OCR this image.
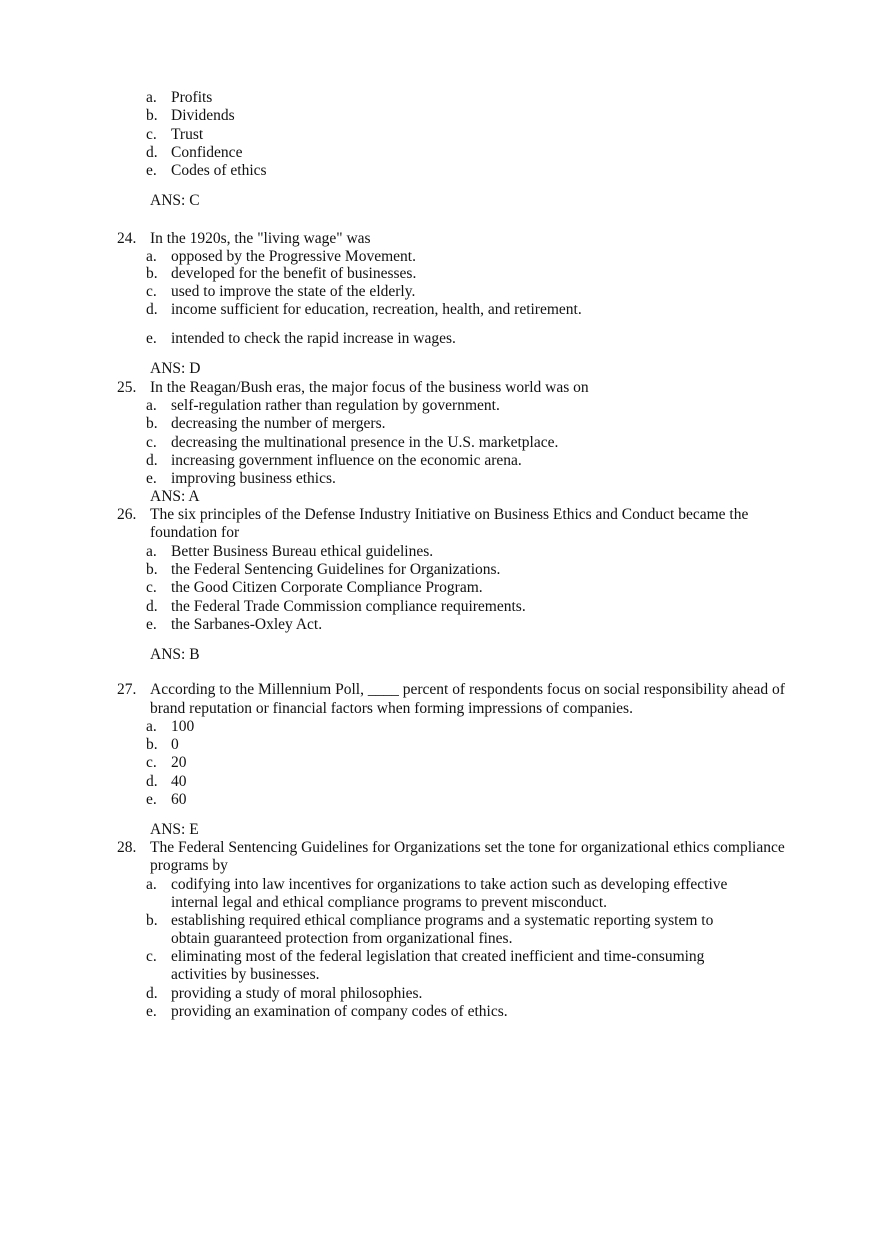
a. Profits
b. Dividends
c. Trust
d. Confidence
e. Codes of ethics
ANS: C
24. In the 1920s, the "living wage" was
a. opposed by the Progressive Movement.
b. developed for the benefit of businesses.
c. used to improve the state of the elderly.
d. income sufficient for education, recreation, health, and retirement.
e. intended to check the rapid increase in wages.
ANS: D
25. In the Reagan/Bush eras, the major focus of the business world was on
a. self-regulation rather than regulation by government.
b. decreasing the number of mergers.
c. decreasing the multinational presence in the U.S. marketplace.
d. increasing government influence on the economic arena.
e. improving business ethics.
ANS: A
26. The six principles of the Defense Industry Initiative on Business Ethics and Conduct became the
foundation for
a. Better Business Bureau ethical guidelines.
b. the Federal Sentencing Guidelines for Organizations.
c. the Good Citizen Corporate Compliance Program.
d. the Federal Trade Commission compliance requirements.
e. the Sarbanes-Oxley Act.
ANS: B
27. According to the Millennium Poll, ____ percent of respondents focus on social responsibility ahead of
brand reputation or financial factors when forming impressions of companies.
a. 100
b. 0
c. 20
d. 40
e. 60
ANS: E
28. The Federal Sentencing Guidelines for Organizations set the tone for organizational ethics compliance
programs by
a. codifying into law incentives for organizations to take action such as developing effective
internal legal and ethical compliance programs to prevent misconduct.
b. establishing required ethical compliance programs and a systematic reporting system to
obtain guaranteed protection from organizational fines.
c. eliminating most of the federal legislation that created inefficient and time-consuming
activities by businesses.
d. providing a study of moral philosophies.
e. providing an examination of company codes of ethics.
